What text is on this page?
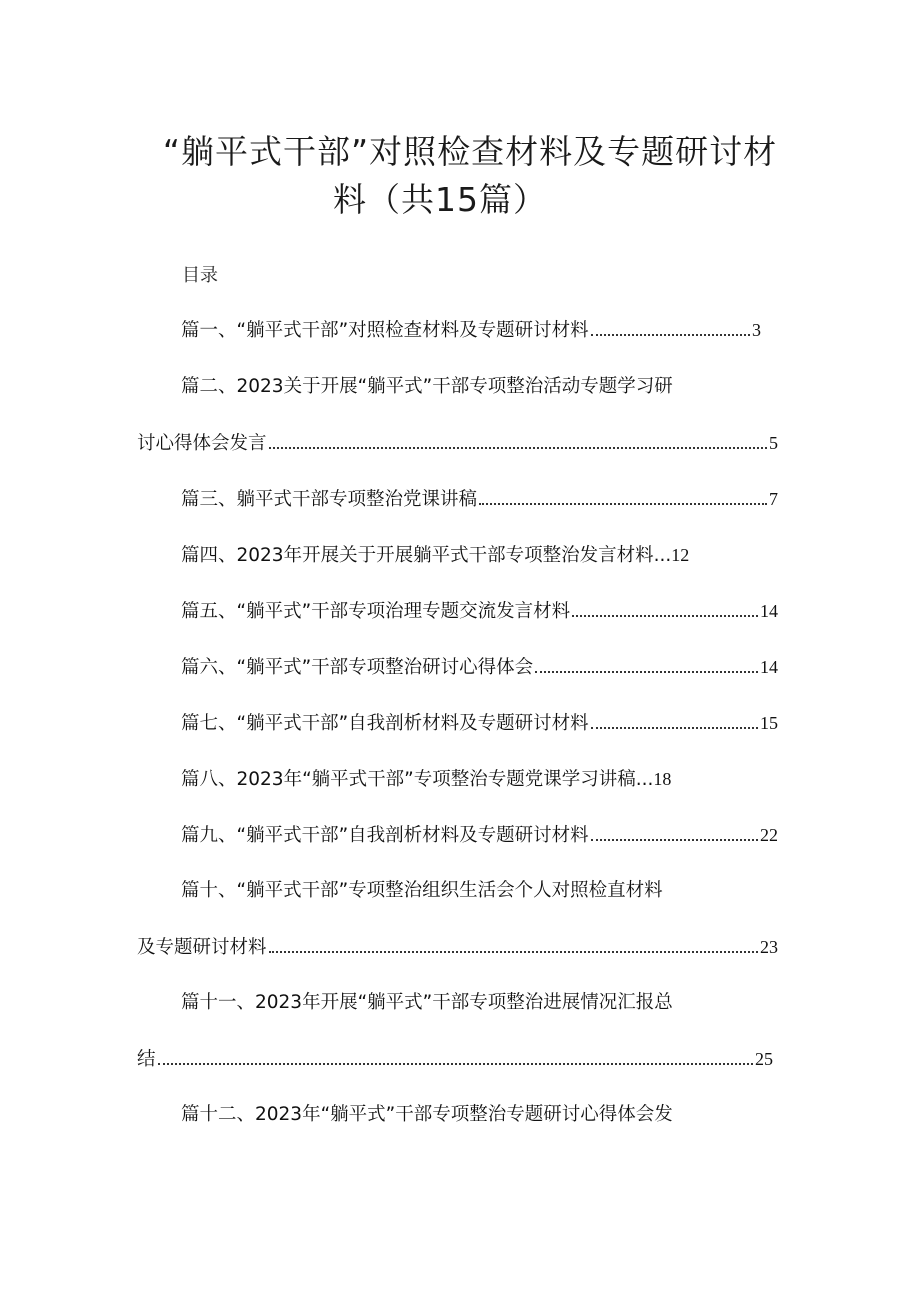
“躺平式干部”对照检查材料及专题研讨材
料（共15篇）
目录
篇一、“躺平式干部”对照检查材料及专题研讨材料	3
篇二、2023关于开展“躺平式”干部专项整治活动专题学习研
讨心得体会发言	5
篇三、躺平式干部专项整治党课讲稿	7
篇四、2023年开展关于开展躺平式干部专项整治发言材料... 12
篇五、“躺平式”干部专项治理专题交流发言材料	14
篇六、“躺平式”干部专项整治研讨心得体会	14
篇七、“躺平式干部”自我剖析材料及专题研讨材料	15
篇八、2023年“躺平式干部”专项整治专题党课学习讲稿... 18
篇九、“躺平式干部”自我剖析材料及专题研讨材料	22
篇十、“躺平式干部”专项整治组织生活会个人对照检直材料
及专题研讨材料	23
篇十一、2023年开展“躺平式”干部专项整治进展情况汇报总
结	25
篇十二、2023年“躺平式”干部专项整治专题研讨心得体会发
